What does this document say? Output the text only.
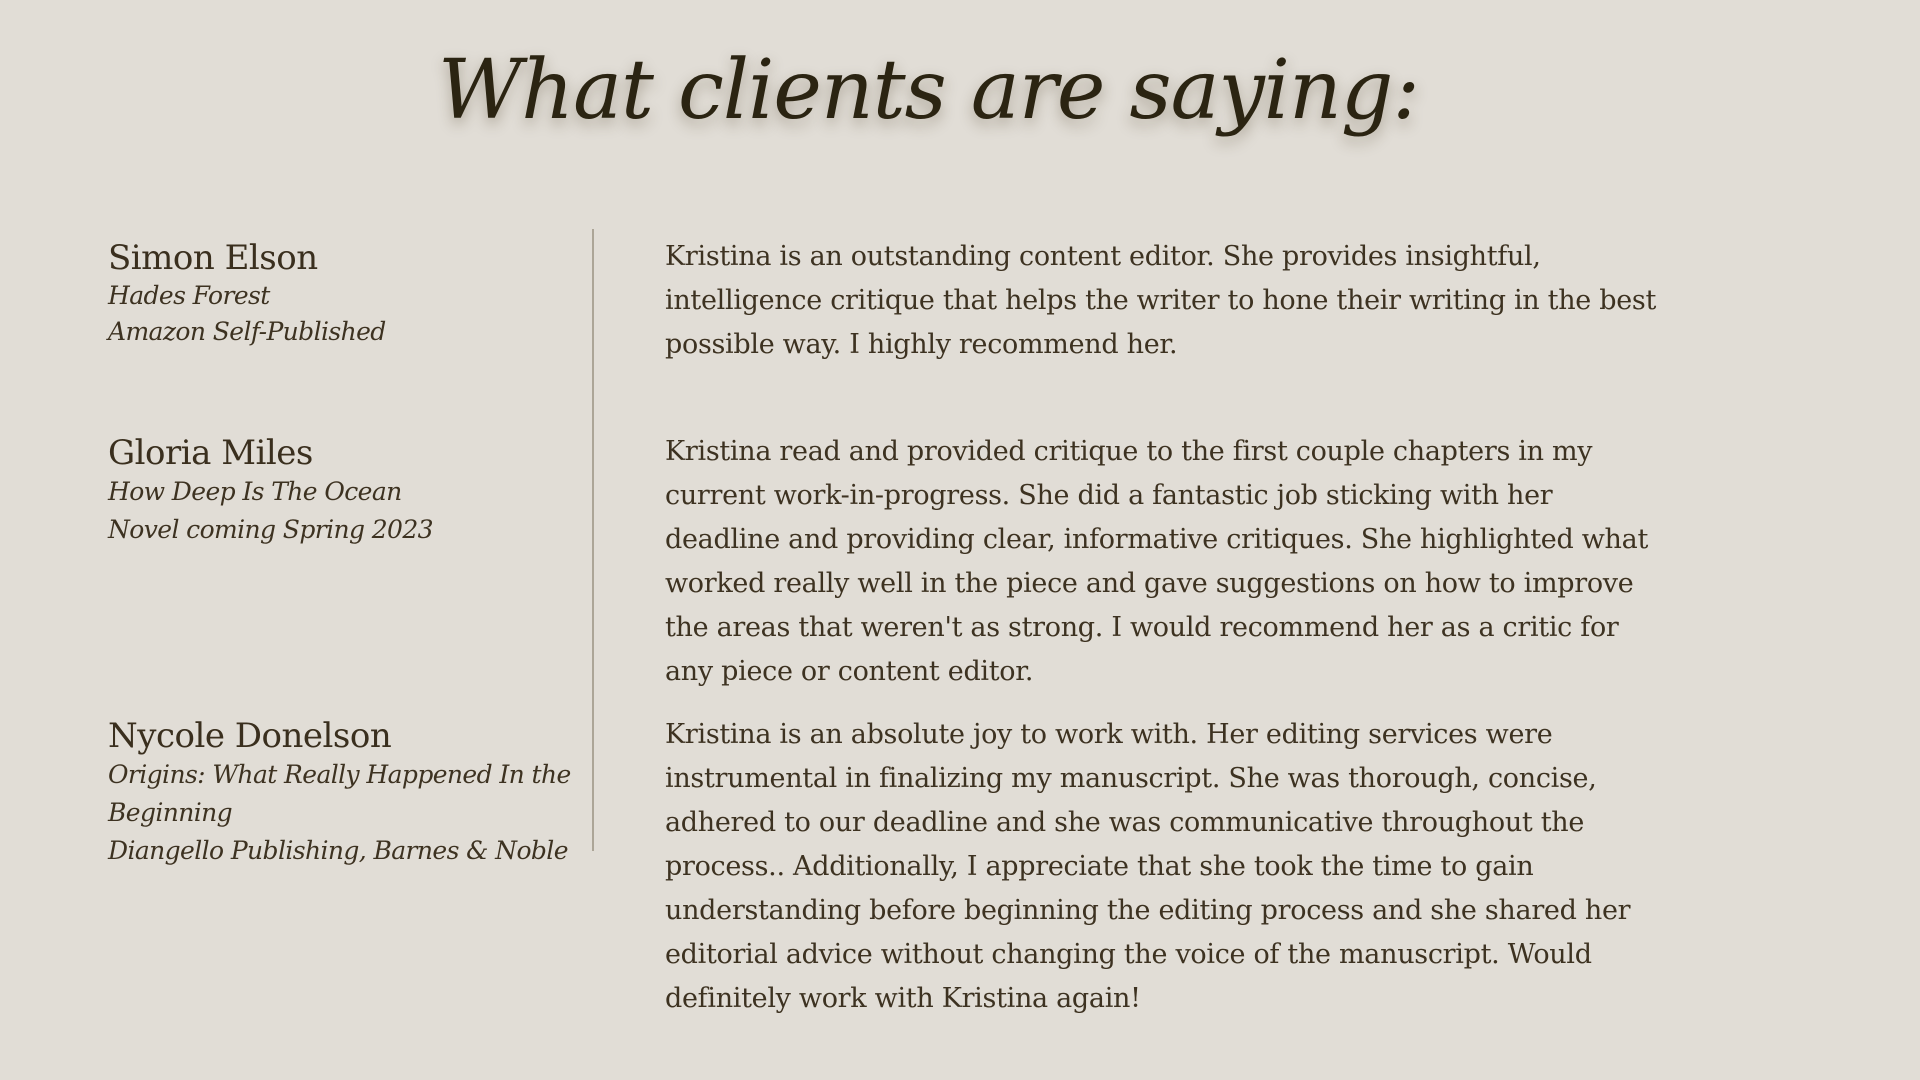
What clients are saying:
Simon Elson
Hades Forest
Amazon Self-Published

Kristina is an outstanding content editor. She provides insightful, intelligence critique that helps the writer to hone their writing in the best possible way. I highly recommend her.

Gloria Miles
How Deep Is The Ocean
Novel coming Spring 2023

Kristina read and provided critique to the first couple chapters in my current work-in-progress. She did a fantastic job sticking with her deadline and providing clear, informative critiques. She highlighted what worked really well in the piece and gave suggestions on how to improve the areas that weren't as strong. I would recommend her as a critic for any piece or content editor.

Nycole Donelson
Origins: What Really Happened In the Beginning
Diangello Publishing, Barnes & Noble

Kristina is an absolute joy to work with. Her editing services were instrumental in finalizing my manuscript. She was thorough, concise, adhered to our deadline and she was communicative throughout the process.. Additionally, I appreciate that she took the time to gain understanding before beginning the editing process and she shared her editorial advice without changing the voice of the manuscript. Would definitely work with Kristina again!
